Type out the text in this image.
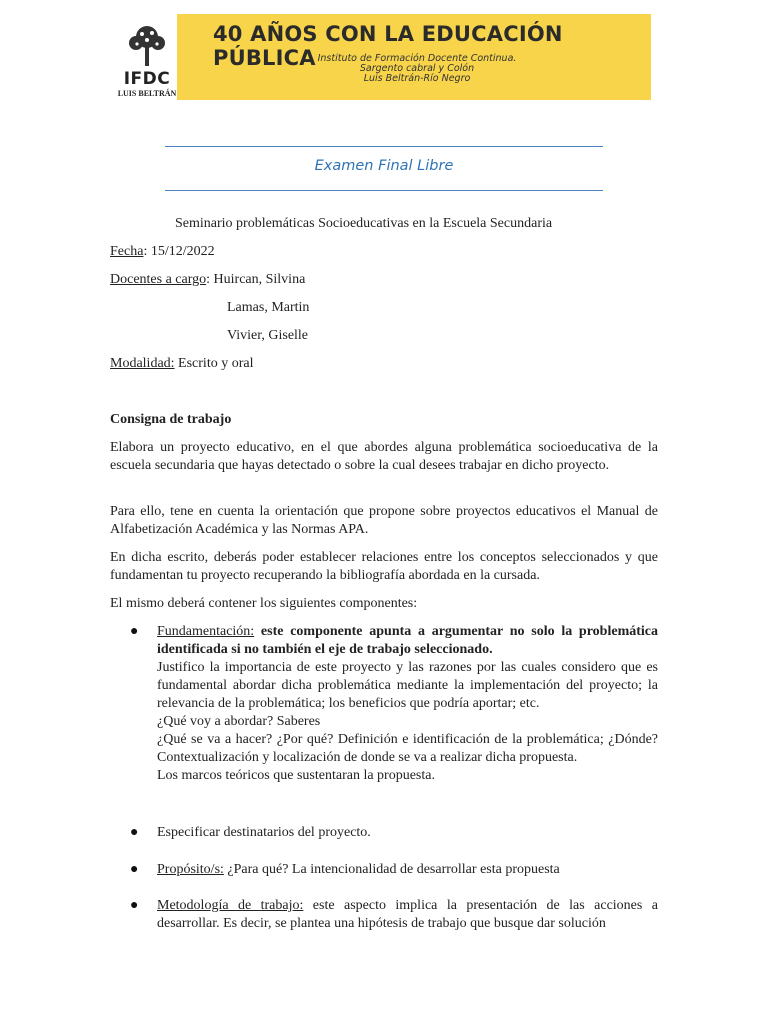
IFDC
LUIS BELTRÁN
40 AÑOS CON LA EDUCACIÓN PÚBLICA Instituto de Formación Docente Continua.
Sargento cabral y Colón
Luis Beltrán-Río Negro
Examen Final Libre
Seminario problemáticas Socioeducativas en la Escuela Secundaria
Fecha: 15/12/2022
Docentes a cargo: Huircan, Silvina
Lamas, Martin
Vivier, Giselle
Modalidad: Escrito y oral
Consigna de trabajo
Elabora un proyecto educativo, en el que abordes alguna problemática socioeducativa de la escuela secundaria que hayas detectado o sobre la cual desees trabajar en dicho proyecto.
Para ello, tene en cuenta la orientación que propone sobre proyectos educativos el Manual de Alfabetización Académica y las Normas APA.
En dicha escrito, deberás poder establecer relaciones entre los conceptos seleccionados y que fundamentan tu proyecto recuperando la bibliografía abordada en la cursada.
El mismo deberá contener los siguientes componentes:
● Fundamentación: este componente apunta a argumentar no solo la problemática identificada si no también el eje de trabajo seleccionado.
Justifico la importancia de este proyecto y las razones por las cuales considero que es fundamental abordar dicha problemática mediante la implementación del proyecto; la relevancia de la problemática; los beneficios que podría aportar; etc.
¿Qué voy a abordar? Saberes
¿Qué se va a hacer? ¿Por qué? Definición e identificación de la problemática; ¿Dónde? Contextualización y localización de donde se va a realizar dicha propuesta.
Los marcos teóricos que sustentaran la propuesta.
● Especificar destinatarios del proyecto.
● Propósito/s: ¿Para qué? La intencionalidad de desarrollar esta propuesta
● Metodología de trabajo: este aspecto implica la presentación de las acciones a desarrollar. Es decir, se plantea una hipótesis de trabajo que busque dar solución
